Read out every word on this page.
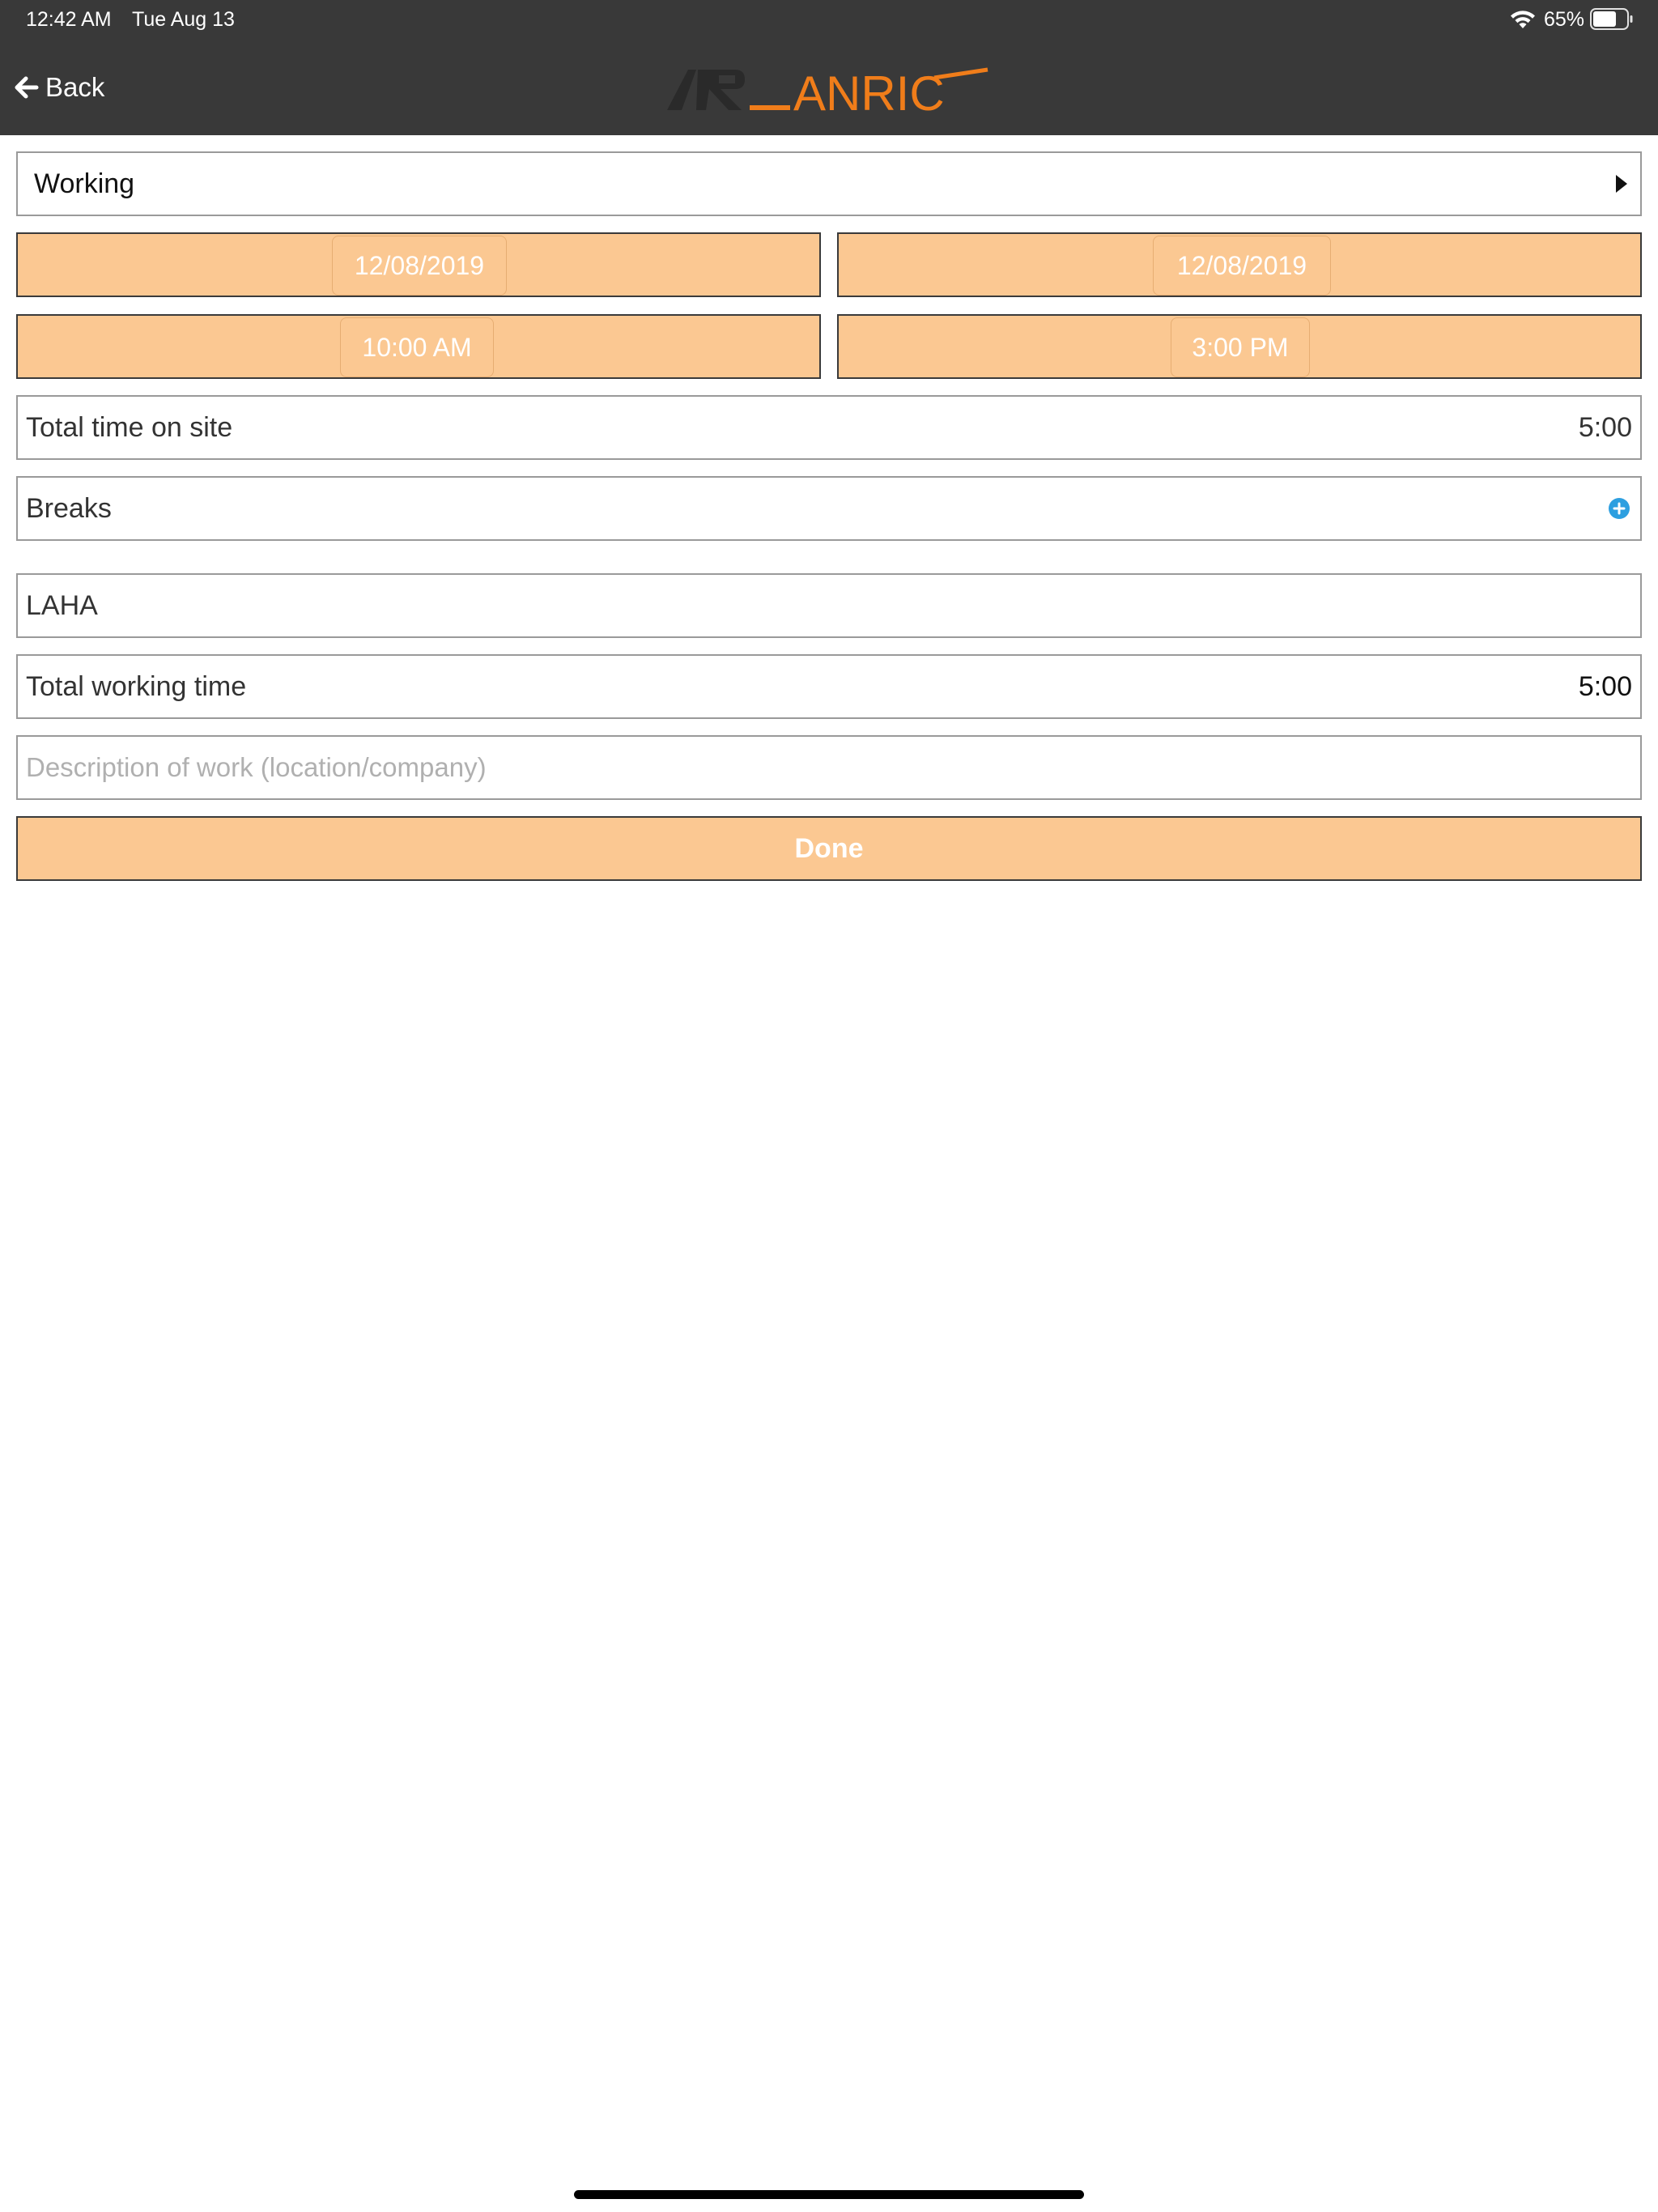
12:42 AM Tue Aug 13	65%
Back	ANRIC
Working
12/08/2019	12/08/2019
10:00 AM	3:00 PM
Total time on site	5:00
Breaks
LAHA
Total working time	5:00
Description of work (location/company)
Done
